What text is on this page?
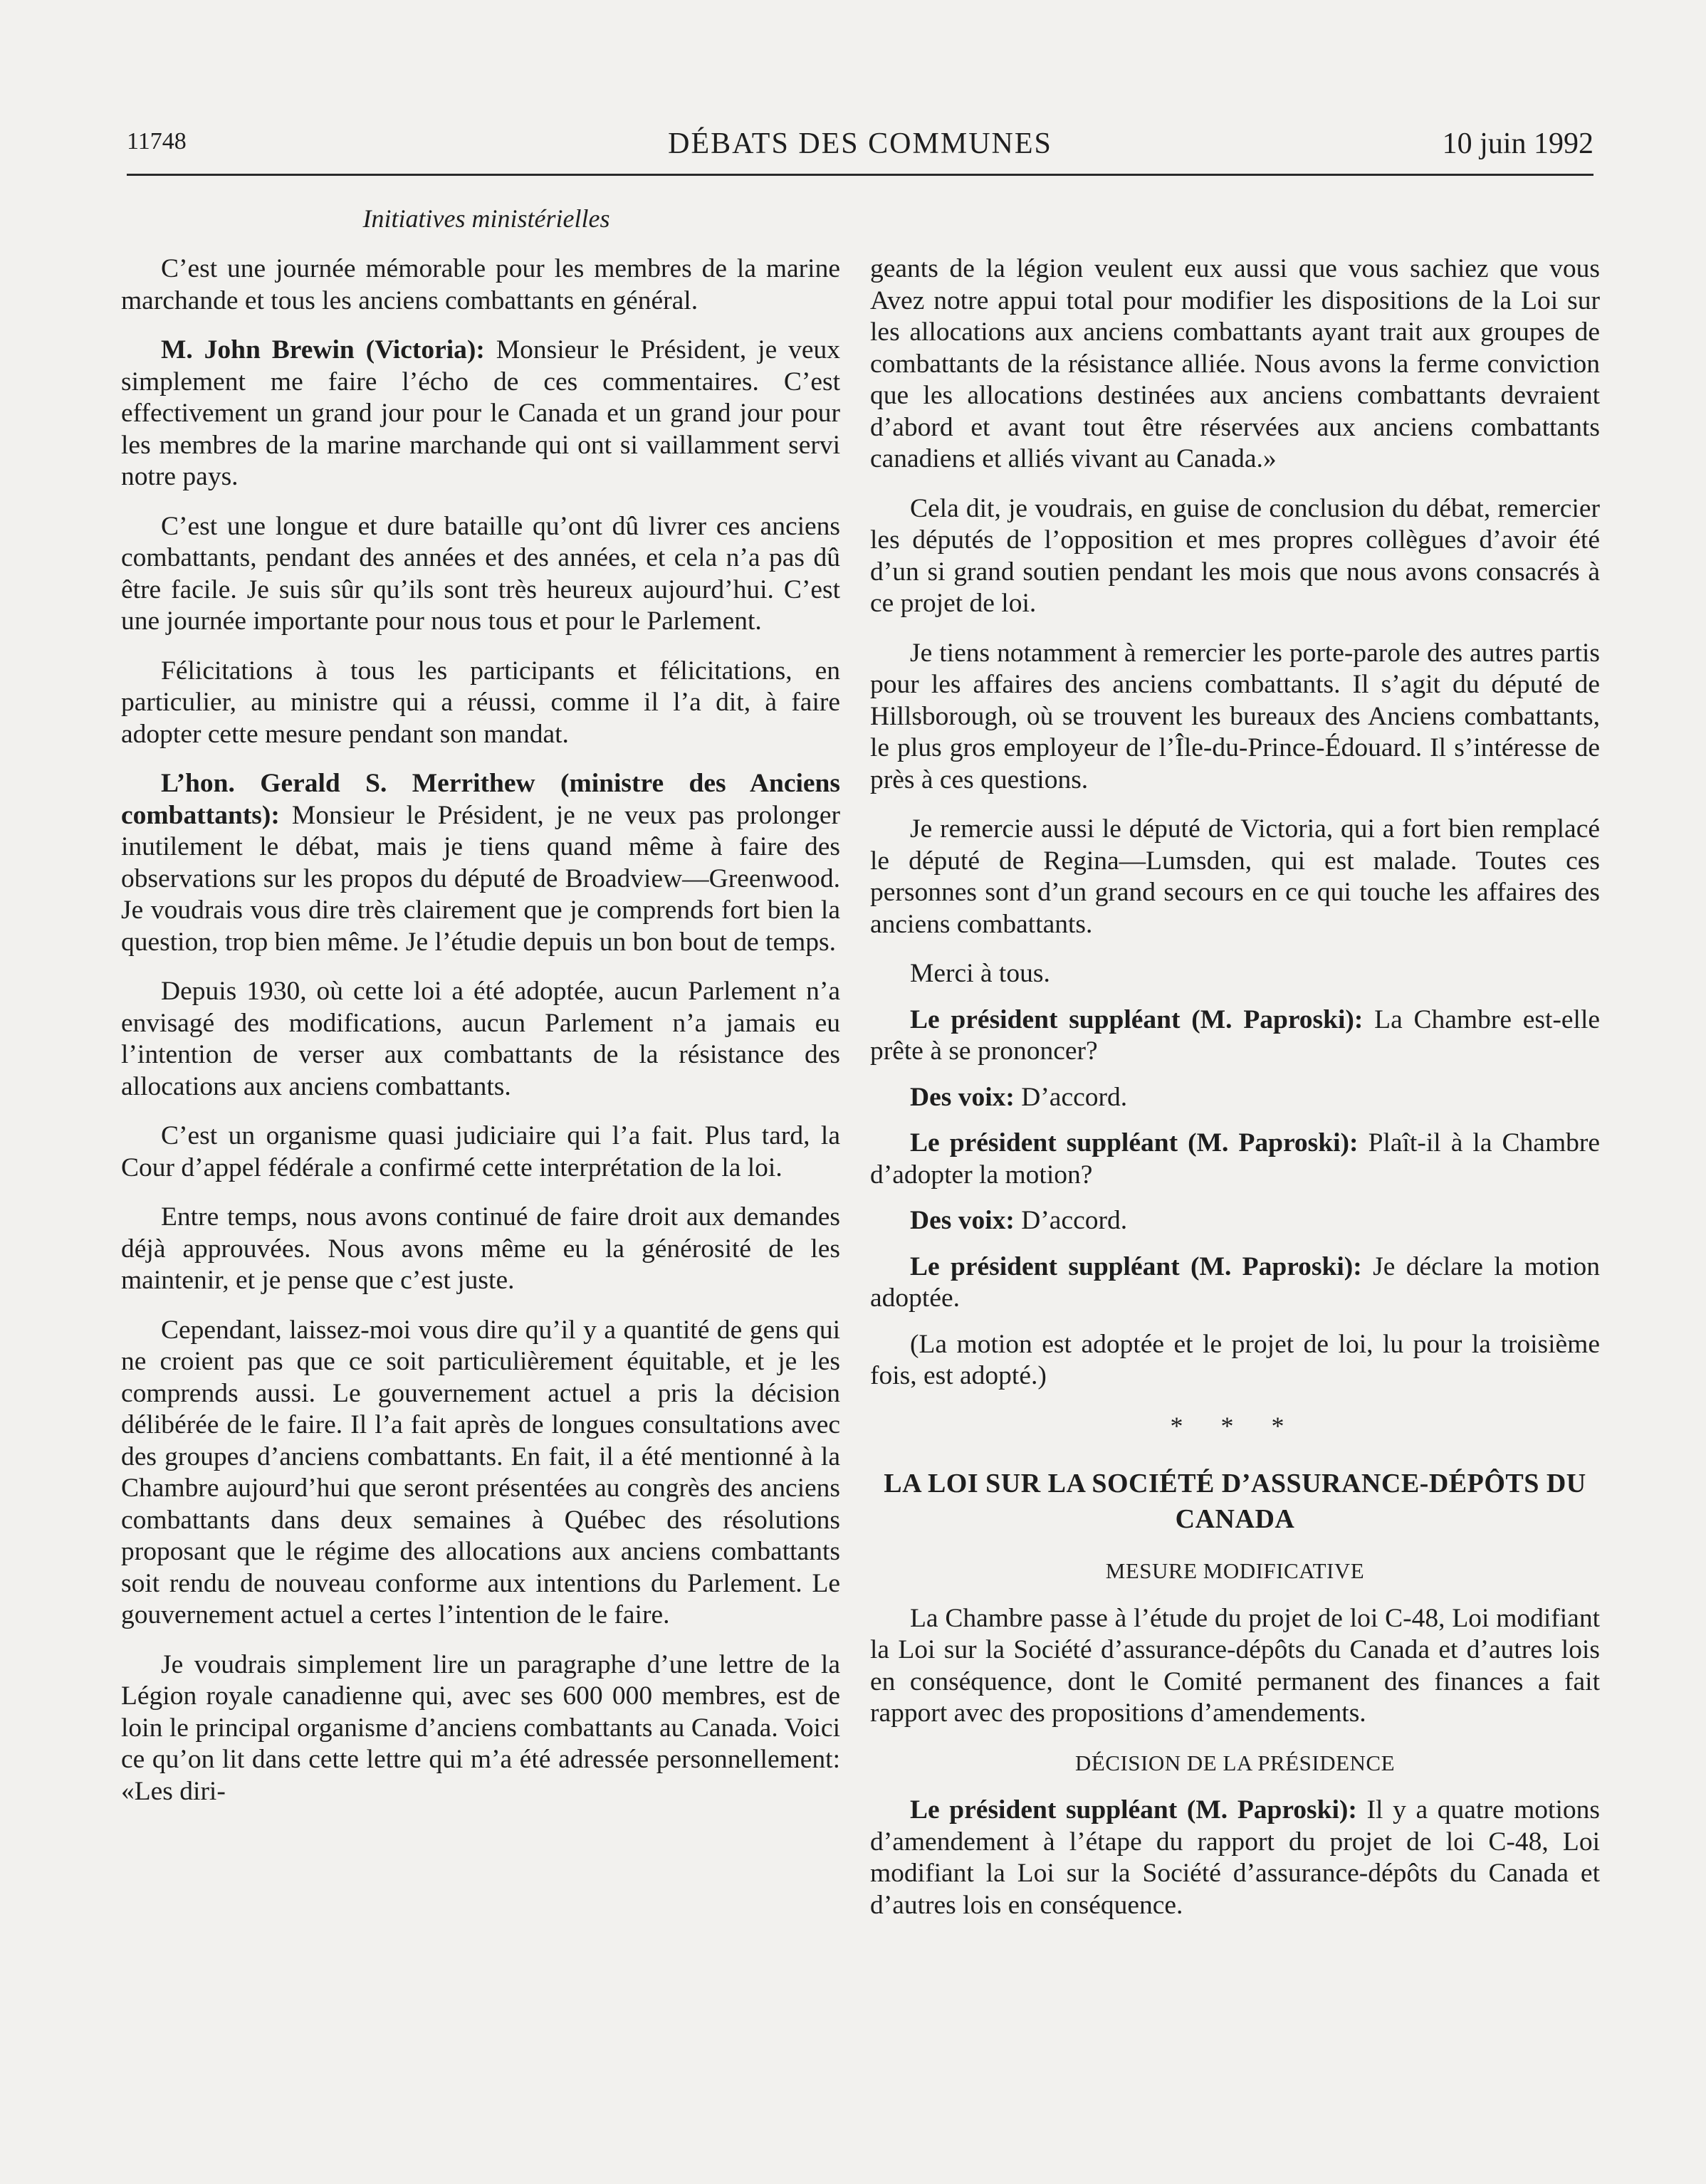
11748	DÉBATS DES COMMUNES	10 juin 1992
Initiatives ministérielles

C’est une journée mémorable pour les membres de la marine marchande et tous les anciens combattants en général.

M. John Brewin (Victoria): Monsieur le Président, je veux simplement me faire l’écho de ces commentaires. C’est effectivement un grand jour pour le Canada et un grand jour pour les membres de la marine marchande qui ont si vaillamment servi notre pays.

C’est une longue et dure bataille qu’ont dû livrer ces anciens combattants, pendant des années et des années, et cela n’a pas dû être facile. Je suis sûr qu’ils sont très heureux aujourd’hui. C’est une journée importante pour nous tous et pour le Parlement.

Félicitations à tous les participants et félicitations, en particulier, au ministre qui a réussi, comme il l’a dit, à faire adopter cette mesure pendant son mandat.

L’hon. Gerald S. Merrithew (ministre des Anciens combattants): Monsieur le Président, je ne veux pas prolonger inutilement le débat, mais je tiens quand même à faire des observations sur les propos du député de Broadview—Greenwood. Je voudrais vous dire très clairement que je comprends fort bien la question, trop bien même. Je l’étudie depuis un bon bout de temps.

Depuis 1930, où cette loi a été adoptée, aucun Parlement n’a envisagé des modifications, aucun Parlement n’a jamais eu l’intention de verser aux combattants de la résistance des allocations aux anciens combattants.

C’est un organisme quasi judiciaire qui l’a fait. Plus tard, la Cour d’appel fédérale a confirmé cette interprétation de la loi.

Entre temps, nous avons continué de faire droit aux demandes déjà approuvées. Nous avons même eu la générosité de les maintenir, et je pense que c’est juste.

Cependant, laissez-moi vous dire qu’il y a quantité de gens qui ne croient pas que ce soit particulièrement équitable, et je les comprends aussi. Le gouvernement actuel a pris la décision délibérée de le faire. Il l’a fait après de longues consultations avec des groupes d’anciens combattants. En fait, il a été mentionné à la Chambre aujourd’hui que seront présentées au congrès des anciens combattants dans deux semaines à Québec des résolutions proposant que le régime des allocations aux anciens combattants soit rendu de nouveau conforme aux intentions du Parlement. Le gouvernement actuel a certes l’intention de le faire.

Je voudrais simplement lire un paragraphe d’une lettre de la Légion royale canadienne qui, avec ses 600 000 membres, est de loin le principal organisme d’anciens combattants au Canada. Voici ce qu’on lit dans cette lettre qui m’a été adressée personnellement: «Les diri-

geants de la légion veulent eux aussi que vous sachiez que vous Avez notre appui total pour modifier les dispositions de la Loi sur les allocations aux anciens combattants ayant trait aux groupes de combattants de la résistance alliée. Nous avons la ferme conviction que les allocations destinées aux anciens combattants devraient d’abord et avant tout être réservées aux anciens combattants canadiens et alliés vivant au Canada.»

Cela dit, je voudrais, en guise de conclusion du débat, remercier les députés de l’opposition et mes propres collègues d’avoir été d’un si grand soutien pendant les mois que nous avons consacrés à ce projet de loi.

Je tiens notamment à remercier les porte-parole des autres partis pour les affaires des anciens combattants. Il s’agit du député de Hillsborough, où se trouvent les bureaux des Anciens combattants, le plus gros employeur de l’Île-du-Prince-Édouard. Il s’intéresse de près à ces questions.

Je remercie aussi le député de Victoria, qui a fort bien remplacé le député de Regina—Lumsden, qui est malade. Toutes ces personnes sont d’un grand secours en ce qui touche les affaires des anciens combattants.

Merci à tous.

Le président suppléant (M. Paproski): La Chambre est-elle prête à se prononcer?

Des voix: D’accord.

Le président suppléant (M. Paproski): Plaît-il à la Chambre d’adopter la motion?

Des voix: D’accord.

Le président suppléant (M. Paproski): Je déclare la motion adoptée.

(La motion est adoptée et le projet de loi, lu pour la troisième fois, est adopté.)

* * *
LA LOI SUR LA SOCIÉTÉ D’ASSURANCE-DÉPÔTS DU CANADA
MESURE MODIFICATIVE

La Chambre passe à l’étude du projet de loi C-48, Loi modifiant la Loi sur la Société d’assurance-dépôts du Canada et d’autres lois en conséquence, dont le Comité permanent des finances a fait rapport avec des propositions d’amendements.

DÉCISION DE LA PRÉSIDENCE

Le président suppléant (M. Paproski): Il y a quatre motions d’amendement à l’étape du rapport du projet de loi C-48, Loi modifiant la Loi sur la Société d’assurance-dépôts du Canada et d’autres lois en conséquence.
